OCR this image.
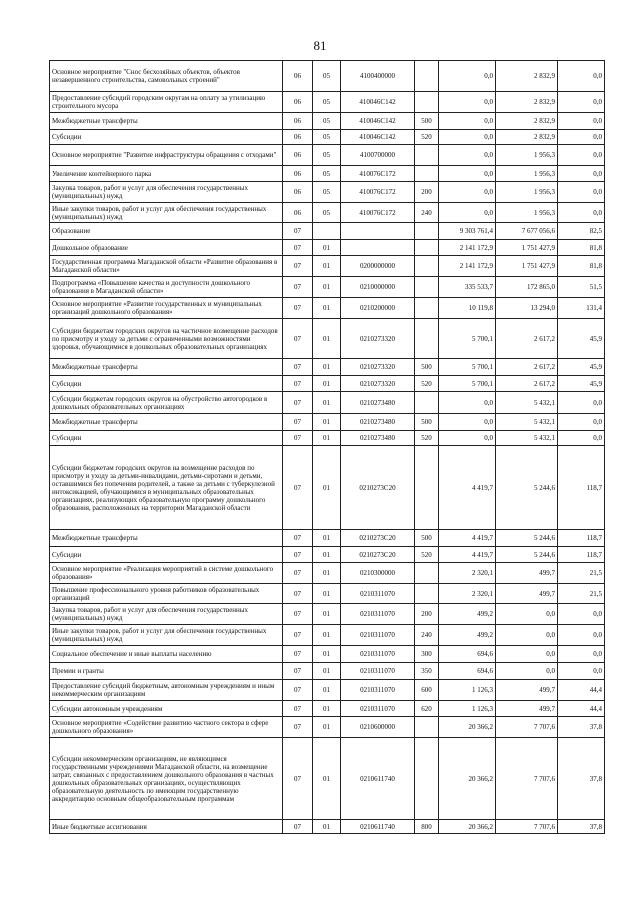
81
Основное мероприятие "Снос бесхозяйных объектов, объектов незавершенного строительства, самовольных строений"	06	05	4100400000		0,0	2 832,9	0,0
Предоставление субсидий городским округам на оплату за утилизацию строительного мусора	06	05	410046С142		0,0	2 832,9	0,0
Межбюджетные трансферты	06	05	410046С142	500	0,0	2 832,9	0,0
Субсидии	06	05	410046С142	520	0,0	2 832,9	0,0
Основное мероприятие "Развитие инфраструктуры обращения с отходами"	06	05	4100700000		0,0	1 956,3	0,0
Увеличение контейнерного парка	06	05	410076С172		0,0	1 956,3	0,0
Закупка товаров, работ и услуг для обеспечения государственных (муниципальных) нужд	06	05	410076С172	200	0,0	1 956,3	0,0
Иные закупки товаров, работ и услуг для обеспечения государственных (муниципальных) нужд	06	05	410076С172	240	0,0	1 956,3	0,0
Образование	07				9 303 761,4	7 677 056,6	82,5
Дошкольное образование	07	01			2 141 172,9	1 751 427,9	81,8
Государственная программа Магаданской области «Развитие образования в Магаданской области»	07	01	0200000000		2 141 172,9	1 751 427,9	81,8
Подпрограмма «Повышение качества и доступности дошкольного образования в Магаданской области»	07	01	0210000000		335 533,7	172 865,0	51,5
Основное мероприятие «Развитие государственных и муниципальных организаций дошкольного образования»	07	01	0210200000		10 119,8	13 294,0	131,4
Субсидии бюджетам городских округов на частичное возмещение расходов по присмотру и уходу за детьми с ограниченными возможностями здоровья, обучающимися в дошкольных образовательных организациях	07	01	0210273320		5 700,1	2 617,2	45,9
Межбюджетные трансферты	07	01	0210273320	500	5 700,1	2 617,2	45,9
Субсидии	07	01	0210273320	520	5 700,1	2 617,2	45,9
Субсидии бюджетам городских округов на обустройство автогородков в дошкольных образовательных организациях	07	01	0210273480		0,0	5 432,1	0,0
Межбюджетные трансферты	07	01	0210273480	500	0,0	5 432,1	0,0
Субсидии	07	01	0210273480	520	0,0	5 432,1	0,0
Субсидии бюджетам городских округов на возмещение расходов по присмотру и уходу за детьми-инвалидами, детьми-сиротами и детьми, оставшимися без попечения родителей, а также за детьми с туберкулезной интоксикацией, обучающимися в муниципальных образовательных организациях, реализующих образовательную программу дошкольного образования, расположенных на территории Магаданской области	07	01	0210273С20		4 419,7	5 244,6	118,7
Межбюджетные трансферты	07	01	0210273С20	500	4 419,7	5 244,6	118,7
Субсидии	07	01	0210273С20	520	4 419,7	5 244,6	118,7
Основное мероприятие «Реализация мероприятий в системе дошкольного образования»	07	01	0210300000		2 320,1	499,7	21,5
Повышение профессионального уровня работников образовательных организаций	07	01	0210311070		2 320,1	499,7	21,5
Закупка товаров, работ и услуг для обеспечения государственных (муниципальных) нужд	07	01	0210311070	200	499,2	0,0	0,0
Иные закупки товаров, работ и услуг для обеспечения государственных (муниципальных) нужд	07	01	0210311070	240	499,2	0,0	0,0
Социальное обеспечение и иные выплаты населению	07	01	0210311070	300	694,6	0,0	0,0
Премии и гранты	07	01	0210311070	350	694,6	0,0	0,0
Предоставление субсидий бюджетным, автономным учреждениям и иным некоммерческим организациям	07	01	0210311070	600	1 126,3	499,7	44,4
Субсидии автономным учреждениям	07	01	0210311070	620	1 126,3	499,7	44,4
Основное мероприятие «Содействие развитию частного сектора в сфере дошкольного образования»	07	01	0210600000		20 366,2	7 707,6	37,8
Субсидии некоммерческим организациям, не являющимся государственными учреждениями Магаданской области, на возмещение затрат, связанных с предоставлением дошкольного образования в частных дошкольных образовательных организациях, осуществляющих образовательную деятельность по имеющим государственную аккредитацию основным общеобразовательным программам	07	01	0210611740		20 366,2	7 707,6	37,8
Иные бюджетные ассигнования	07	01	0210611740	800	20 366,2	7 707,6	37,8
